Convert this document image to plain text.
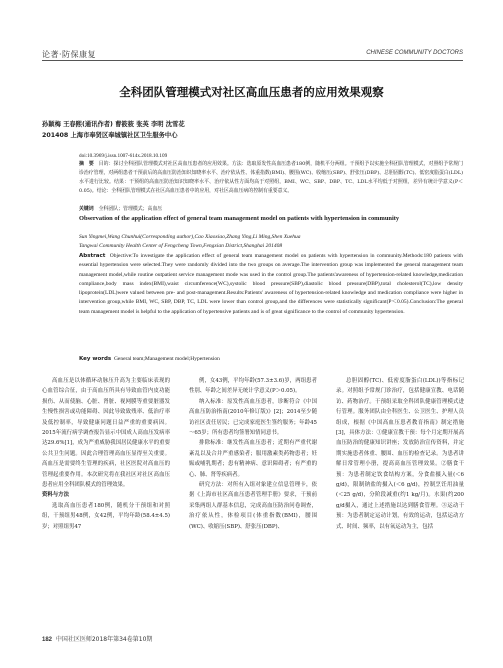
论著·防保康复	CHINESE COMMUNITY DOCTORS
全科团队管理模式对社区高血压患者的应用效果观察
孙颖梅 王春熙(通讯作者) 曹筱筱 张英 李明 沈雪花
201408 上海市奉贤区奉城镇社区卫生服务中心
doi:10.3969/j.issn.1007-614x.2018.10.109

摘　要　 目的：探讨全科团队管理模式对社区高血压患者的应用效果。方法：选取原发性高血压患者180例，随机平分两组。干预组予以实施全科团队管理模式，对照组予常规门诊治疗管理，对两组患者干预前后的高血压防治知识知晓率水平、治疗依从性、体重指数(BMI)、腰围(WC)、收缩压(SBP)、舒张压(DBP)、总胆固醇(TC)、低密度脂蛋白(LDL)水平进行比较。结果：干预组的高血压防治知识知晓率水平、治疗依从性方面均高于对照组，BMI、WC、SBP、DBP、TC、LDL水平均低于对照组，差异有统计学意义(P＜0.05)。结论：全科团队管理模式在社区高血压患者中的应用，对社区高血压病的控制有重要意义。

关键词　 全科团队；管理模式；高血压
Observation of the application effect of general team management model on patients with hypertension in community
Sun Yingmei,Wang Chunhui(Corresponding author),Cao Xiaoxiao,Zhang Ying,Li Ming,Shen Xuehua
Tangwai Community Health Center of Fengcheng Town,Fengxian District,Shanghai 201408
Abstract Objective:To investigate the application effect of general team management model on patients with hypertension in community.Methods:180 patients with essential hypertension were selected.They were randomly divided into the two groups on average.The intervention group was implemented the general management team management model,while routine outpatient service management mode was used in the control group.The patients'awareness of hypertension-related knowledge,medication compliance,body mass index(BMI),waist circumference(WC),systolic blood pressure(SBP),diastolic blood pressure(DBP),total cholesterol(TC),low density lipoprotein(LDL)were valued between pre- and post-management.Results:Patients' awareness of hypertension-related knowledge and medication compliance were higher in intervention group,while BMI, WC, SBP, DBP, TC, LDL were lower than control group,and the differences were statistically significant(P＜0.05).Conclusion:The general team management model is helpful to the application of hypertensive patients and is of great significance to the control of community hypertension.
Key words General team;Management model;Hypertension

高血压是以体循环动脉压升高为主要临床表现的心血管综合征，由于高血压所具有导致血管内皮功能损伤、从而使脑、心脏、肾脏、视网膜等重要脏器发生慢性损害或功能障碍、因此导致致残率、低治疗率及低控制率，导致健康问题日益严重的重要病因。2015年流行病学调查报告显示中国成人高血压发病率达29.6%[1]，成为严重威胁我国居民健康水平的重要公共卫生问题。因此合理管理高血压显得至关重要。高血压是需要终生管理的疾病，社区医院对高血压的管理起重要作用。本次研究将在我社区对社区高血压患者应用全科团队模式的管理效果。

资料与方法

选取高血压患者180例，随机分干预组和对照组，干预组男48例，女42例，平均年龄(58.4±4.5)岁；对照组男47

例，女43例，平均年龄(57.3±3.6)岁，两组患者性别、年龄之间差异无统计学意义(P＞0.05)。

纳入标准：原发性高血压患者，诊断符合《中国高血压防治指南(2010年修订版)》[2]；2014至少随访社区责任居民；已完成家庭医生签约服务；年龄45～65岁；所有患者均签署知情同意书。

排除标准：继发性高血压患者；近期有严重代谢紊乱以及合并严重感染者；服用激素类药物患者；妊娠或哺乳期者；患有精神病、意识障碍者；有严重的心、肺、肾等疾病者。

研究方法：对所有入组对象建立信息管理卡，依据《上海市社区高血压患者管理手册》要求，干预前采集两组人群基本信息，完成高血压防治问卷调查，治疗依从性，体检项目(体重指数(BMI)，腰围(WC)、收缩压(SBP)、舒张压(DBP)、

总胆固醇(TC)、低密度脂蛋白(LDL))等指标记录。对照组予常规门诊治疗，包括健康宣教、电话随访、药物治疗。干预组采取全科团队健康管理模式进行管理。服务团队由全科医生、公卫医生、护理人员组成，根据《中国高血压患者教育指南》制定措施[3]，具体方法：①健康宣教干预：每个月定期开展高血压防治的健康知识讲座；发放防治宣传资料，并定期实施患者体重、腰围、血压的检查记录。为患者讲解日常管理小册，提高高血压管理效果。②膳食干预：为患者制定饮食结构方案，分食盐摄入量(＜6 g/d)，限制钠盐的摄入(＜6 g/d)，控制烹饪用油量(＜25 g/d)，分阶段减重(约1 kg/月)。水果(约200 g/d摄入，通过上述措施以达到膳食管理。③运动干预：为患者制定运动计划，有效的运动，包括运动方式、时间、频率，以有氧运动为主，包括

182 中国社区医师2018年第34卷第10期
